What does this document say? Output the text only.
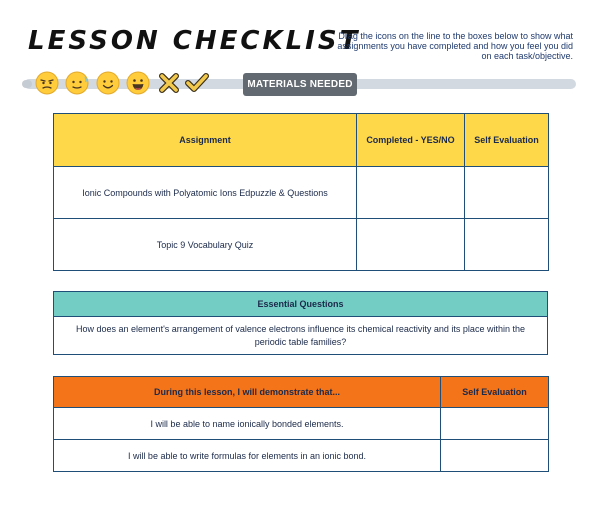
LESSON CHECKLIST
Drag the icons on the line to the boxes below to show what assignments you have completed and how you feel you did on each task/objective.
MATERIALS NEEDED
Assignment	Completed - YES/NO	Self Evaluation
Ionic Compounds with Polyatomic Ions Edpuzzle & Questions		
Topic 9 Vocabulary Quiz		
Essential Questions
How does an element's arrangement of valence electrons influence its chemical reactivity and its place within the periodic table families?
During this lesson, I will demonstrate that...	Self Evaluation
I will be able to name ionically bonded elements.	
I will be able to write formulas for elements in an ionic bond.	
